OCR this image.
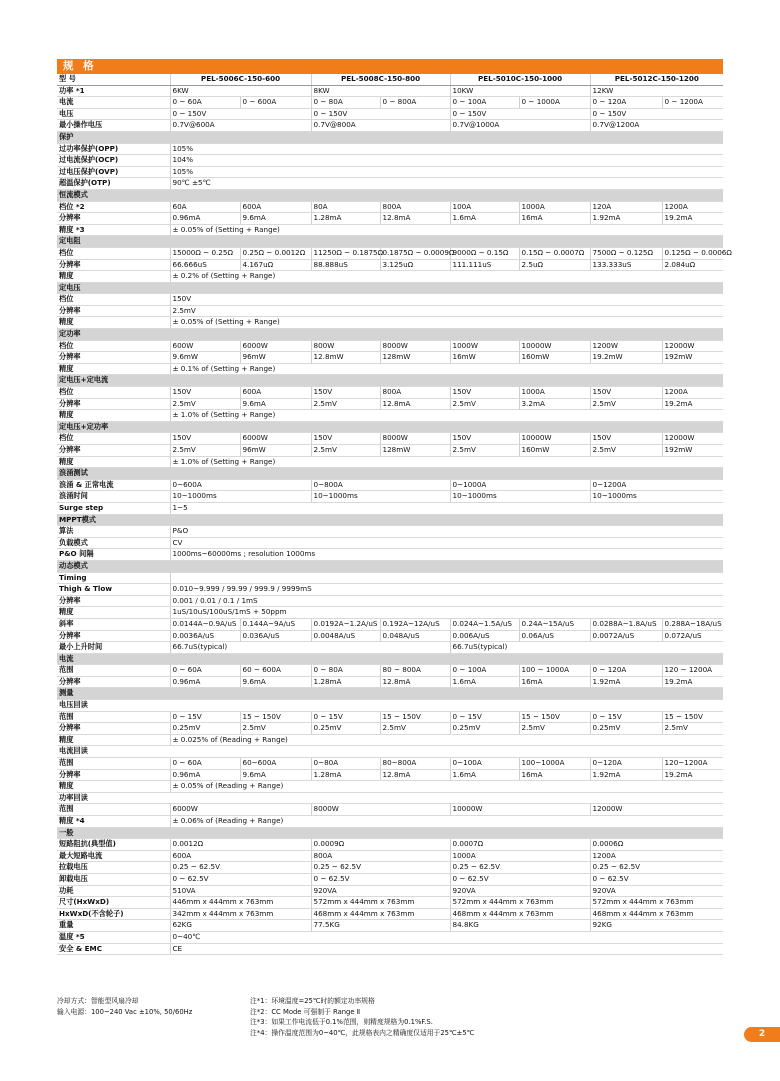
规 格
型 号	PEL-5006C-150-600		PEL-5008C-150-800		PEL-5010C-150-1000		PEL-5012C-150-1200	
功率 *1	6KW		8KW		10KW		12KW	
电流	0 ~ 60A	0 ~ 600A	0 ~ 80A	0 ~ 800A	0 ~ 100A	0 ~ 1000A	0 ~ 120A	0 ~ 1200A
电压	0 ~ 150V		0 ~ 150V		0 ~ 150V		0 ~ 150V	
最小操作电压	0.7V@600A		0.7V@800A		0.7V@1000A		0.7V@1200A	
保护								
过功率保护(OPP)	105%							
过电流保护(OCP)	104%							
过电压保护(OVP)	105%							
超温保护(OTP)	90℃ ±5℃							
恒流模式								
档位 *2	60A	600A	80A	800A	100A	1000A	120A	1200A
分辨率	0.96mA	9.6mA	1.28mA	12.8mA	1.6mA	16mA	1.92mA	19.2mA
精度 *3	± 0.05% of (Setting + Range)							
定电阻								
档位	15000Ω ~ 0.25Ω	0.25Ω ~ 0.0012Ω	11250Ω ~ 0.1875Ω	0.1875Ω ~ 0.0009Ω	9000Ω ~ 0.15Ω	0.15Ω ~ 0.0007Ω	7500Ω ~ 0.125Ω	0.125Ω ~ 0.0006Ω
分辨率	66.666uS	4.167uΩ	88.888uS	3.125uΩ	111.111uS	2.5uΩ	133.333uS	2.084uΩ
精度	± 0.2% of (Setting + Range)							
定电压								
档位	150V							
分辨率	2.5mV							
精度	± 0.05% of (Setting + Range)							
定功率								
档位	600W	6000W	800W	8000W	1000W	10000W	1200W	12000W
分辨率	9.6mW	96mW	12.8mW	128mW	16mW	160mW	19.2mW	192mW
精度	± 0.1% of (Setting + Range)							
定电压+定电流								
档位	150V	600A	150V	800A	150V	1000A	150V	1200A
分辨率	2.5mV	9.6mA	2.5mV	12.8mA	2.5mV	3.2mA	2.5mV	19.2mA
精度	± 1.0% of (Setting + Range)							
定电压+定功率								
档位	150V	6000W	150V	8000W	150V	10000W	150V	12000W
分辨率	2.5mV	96mW	2.5mV	128mW	2.5mV	160mW	2.5mV	192mW
精度	± 1.0% of (Setting + Range)							
浪涌测试								
浪涌 & 正常电流	0~600A		0~800A		0~1000A		0~1200A	
浪涌时间	10~1000ms		10~1000ms		10~1000ms		10~1000ms	
Surge step	1~5							
MPPT模式								
算法	P&O							
负载模式	CV							
P&O 间隔	1000ms~60000ms ; resolution 1000ms							
动态模式								
Timing								
Thigh & Tlow	0.010~9.999 / 99.99 / 999.9 / 9999mS							
分辨率	0.001 / 0.01 / 0.1 / 1mS							
精度	1uS/10uS/100uS/1mS + 50ppm							
斜率	0.0144A~0.9A/uS	0.144A~9A/uS	0.0192A~1.2A/uS	0.192A~12A/uS	0.024A~1.5A/uS	0.24A~15A/uS	0.0288A~1.8A/uS	0.288A~18A/uS
分辨率	0.0036A/uS	0.036A/uS	0.0048A/uS	0.048A/uS	0.006A/uS	0.06A/uS	0.0072A/uS	0.072A/uS
最小上升时间	66.7uS(typical)				66.7uS(typical)			
电流								
范围	0 ~ 60A	60 ~ 600A	0 ~ 80A	80 ~ 800A	0 ~ 100A	100 ~ 1000A	0 ~ 120A	120 ~ 1200A
分辨率	0.96mA	9.6mA	1.28mA	12.8mA	1.6mA	16mA	1.92mA	19.2mA
测量								
电压回读								
范围	0 ~ 15V	15 ~ 150V	0 ~ 15V	15 ~ 150V	0 ~ 15V	15 ~ 150V	0 ~ 15V	15 ~ 150V
分辨率	0.25mV	2.5mV	0.25mV	2.5mV	0.25mV	2.5mV	0.25mV	2.5mV
精度	± 0.025% of (Reading + Range)							
电流回读								
范围	0 ~ 60A	60~600A	0~80A	80~800A	0~100A	100~1000A	0~120A	120~1200A
分辨率	0.96mA	9.6mA	1.28mA	12.8mA	1.6mA	16mA	1.92mA	19.2mA
精度	± 0.05% of (Reading + Range)							
功率回读								
范围	6000W		8000W		10000W		12000W	
精度 *4	± 0.06% of (Reading + Range)							
一般								
短路阻抗(典型值)	0.0012Ω		0.0009Ω		0.0007Ω		0.0006Ω	
最大短路电流	600A		800A		1000A		1200A	
拉载电压	0.25 ~ 62.5V		0.25 ~ 62.5V		0.25 ~ 62.5V		0.25 ~ 62.5V	
卸载电压	0 ~ 62.5V		0 ~ 62.5V		0 ~ 62.5V		0 ~ 62.5V	
功耗	510VA		920VA		920VA		920VA	
尺寸(HxWxD)	446mm x 444mm x 763mm		572mm x 444mm x 763mm		572mm x 444mm x 763mm		572mm x 444mm x 763mm	
HxWxD(不含轮子)	342mm x 444mm x 763mm		468mm x 444mm x 763mm		468mm x 444mm x 763mm		468mm x 444mm x 763mm	
重量	62KG		77.5KG		84.8KG		92KG	
温度 *5	0~40℃							
安全 & EMC	CE							
冷却方式：智能型风扇冷却
输入电源：100~240 Vac ±10%, 50/60Hz
注*1：环境温度=25℃时的额定功率规格
注*2：CC Mode 可强制于 Range Ⅱ
注*3：如果工作电流低于0.1%范围，则精度规格为0.1%F.S.
注*4：操作温度范围为0~40℃，此规格表内之精确度仅适用于25℃±5℃	2
